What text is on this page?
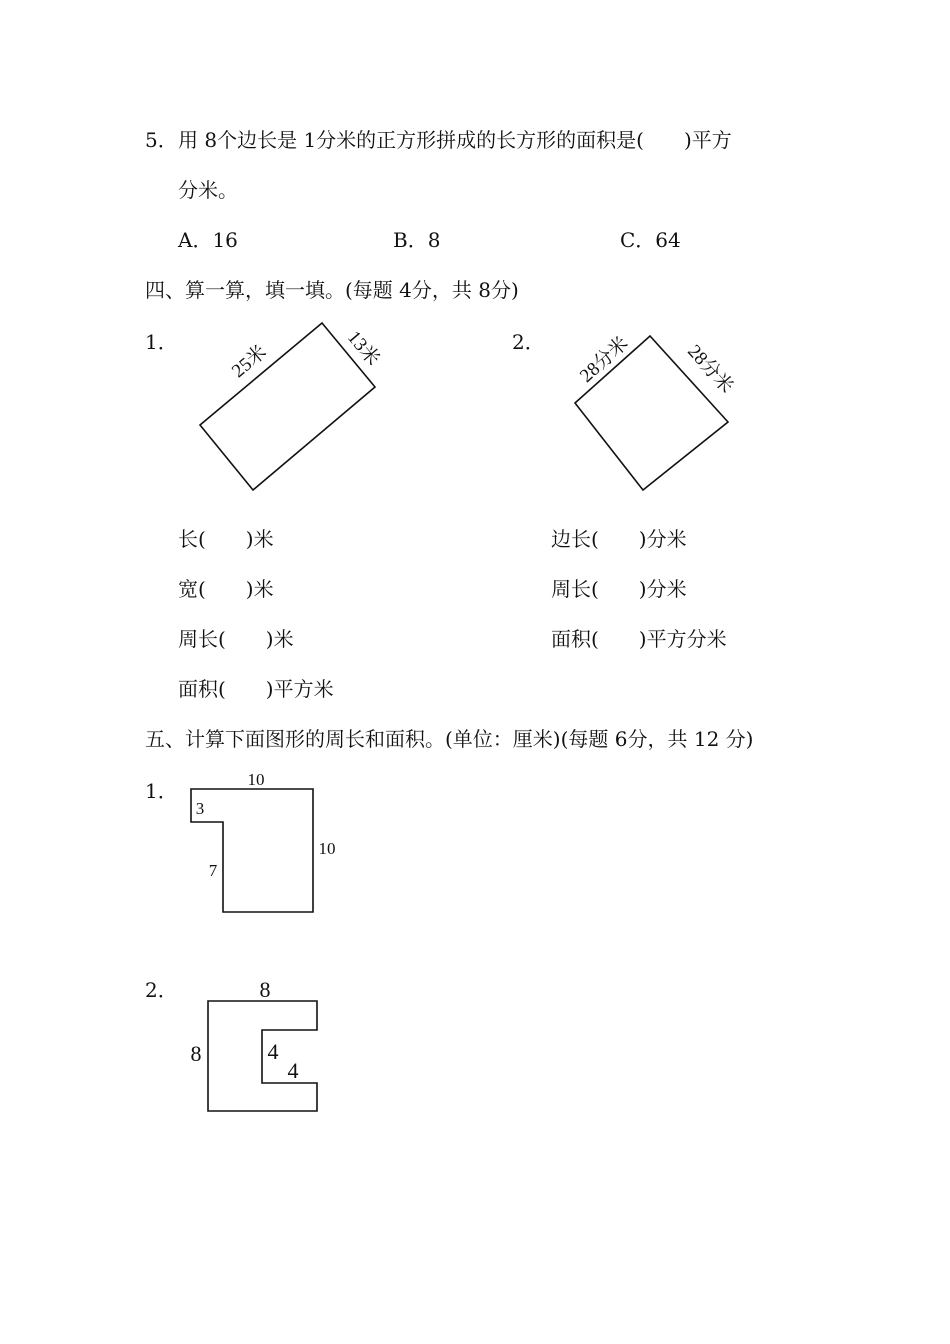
5． 用 8个边长是 1分米的正方形拼成的长方形的面积是(　　)平方
分米。
A．16	B．8	C．64
四、算一算，填一填。(每题 4分，共 8分)
1．	2．
25米	13米	28分米	28分米
长(　　)米
宽(　　)米
周长(　　)米
面积(　　)平方米
边长(　　)分米
周长(　　)分米
面积(　　)平方分米
五、计算下面图形的周长和面积。(单位：厘米)(每题 6分，共 12 分)
1．	10
3
7
10
2．	8
8	4
4
